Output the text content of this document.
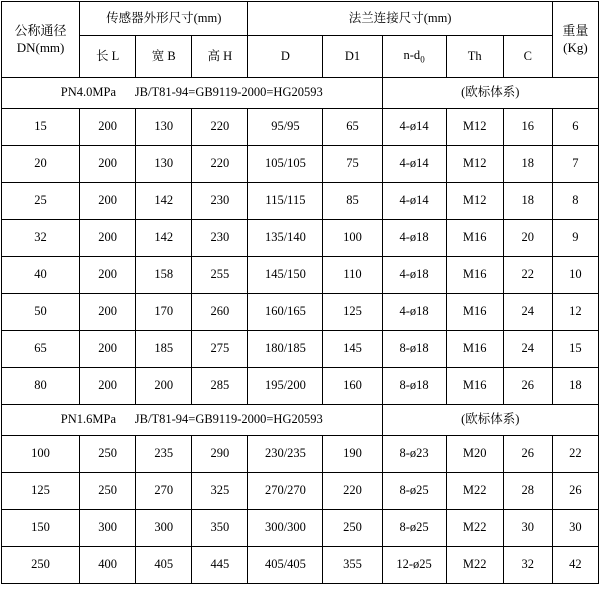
公称通径
DN(mm)	传感器外形尺寸(mm)			法兰连接尺寸(mm)					重量
(Kg)

	长 L	宽 B	高 H	D	D1	$n-d_0$	Th	C	
PN4.0MPa JB/T81-94=GB9119-2000=HG20593						(欧标体系)			
15	200	130	220	95/95	65	4-ø14	M12	16	6
20	200	130	220	105/105	75	4-ø14	M12	18	7
25	200	142	230	115/115	85	4-ø14	M12	18	8
32	200	142	230	135/140	100	4-ø18	M16	20	9
40	200	158	255	145/150	110	4-ø18	M16	22	10
50	200	170	260	160/165	125	4-ø18	M16	24	12
65	200	185	275	180/185	145	8-ø18	M16	24	15
80	200	200	285	195/200	160	8-ø18	M16	26	18
PN1.6MPa JB/T81-94=GB9119-2000=HG20593						(欧标体系)			
100	250	235	290	230/235	190	8-ø23	M20	26	22
125	250	270	325	270/270	220	8-ø25	M22	28	26
150	300	300	350	300/300	250	8-ø25	M22	30	30
250	400	405	445	405/405	355	12-ø25	M22	32	42
